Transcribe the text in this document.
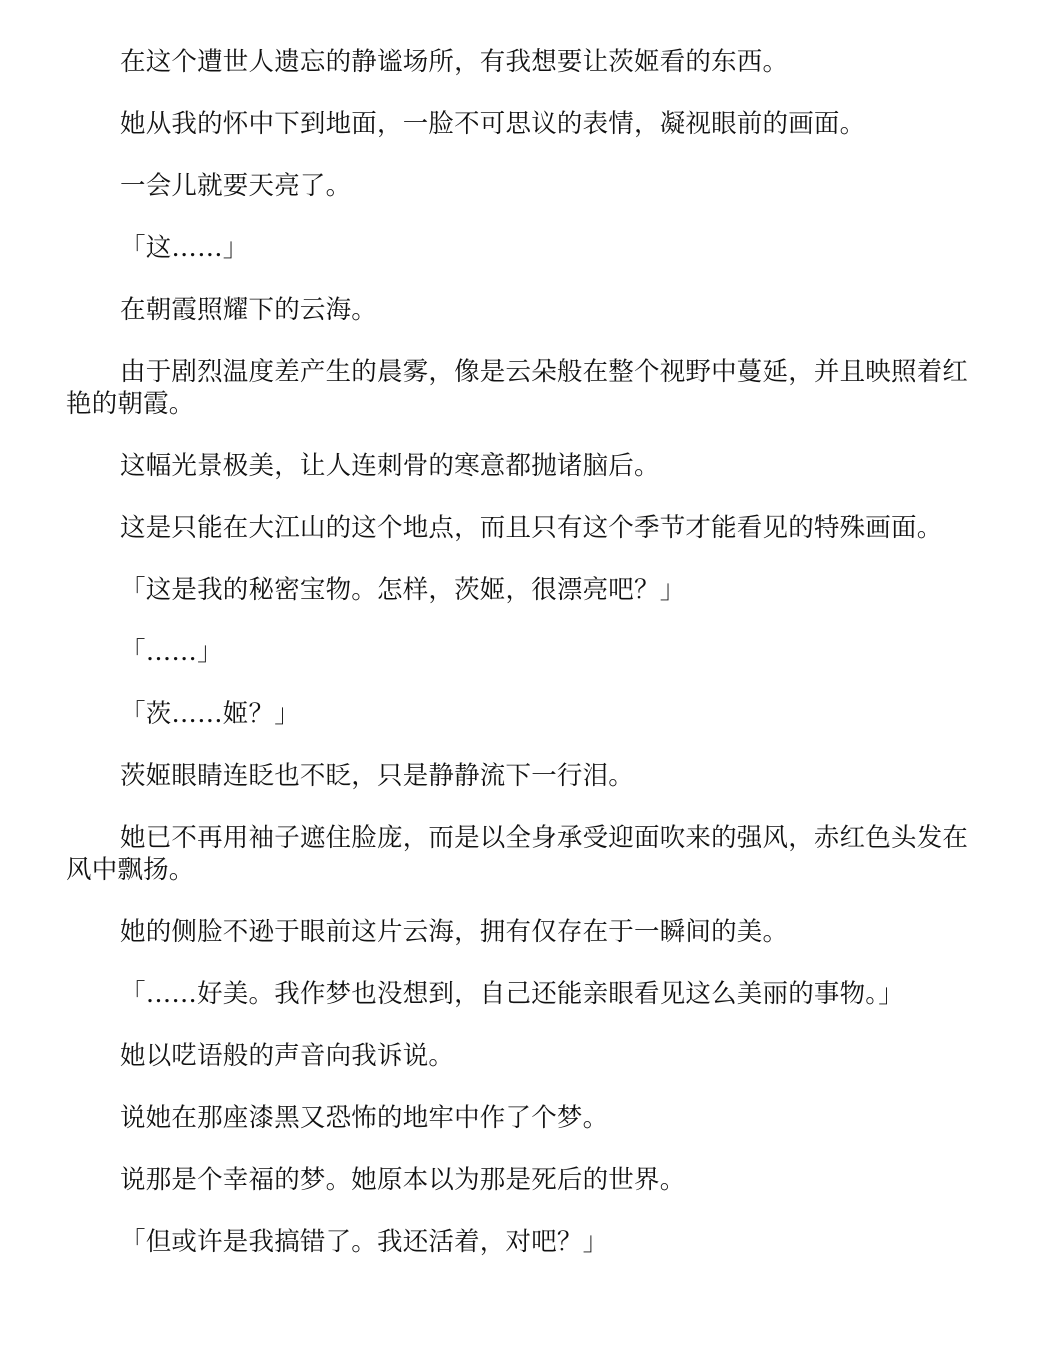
在这个遭世人遗忘的静谧场所，有我想要让茨姬看的东西。

她从我的怀中下到地面，一脸不可思议的表情，凝视眼前的画面。

一会儿就要天亮了。

「这……」

在朝霞照耀下的云海。

由于剧烈温度差产生的晨雾，像是云朵般在整个视野中蔓延，并且映照着红艳的朝霞。

这幅光景极美，让人连刺骨的寒意都抛诸脑后。

这是只能在大江山的这个地点，而且只有这个季节才能看见的特殊画面。

「这是我的秘密宝物。怎样，茨姬，很漂亮吧？」

「……」

「茨……姬？」

茨姬眼睛连眨也不眨，只是静静流下一行泪。

她已不再用袖子遮住脸庞，而是以全身承受迎面吹来的强风，赤红色头发在风中飘扬。

她的侧脸不逊于眼前这片云海，拥有仅存在于一瞬间的美。

「……好美。我作梦也没想到，自己还能亲眼看见这么美丽的事物。」

她以呓语般的声音向我诉说。

说她在那座漆黑又恐怖的地牢中作了个梦。

说那是个幸福的梦。她原本以为那是死后的世界。

「但或许是我搞错了。我还活着，对吧？」
